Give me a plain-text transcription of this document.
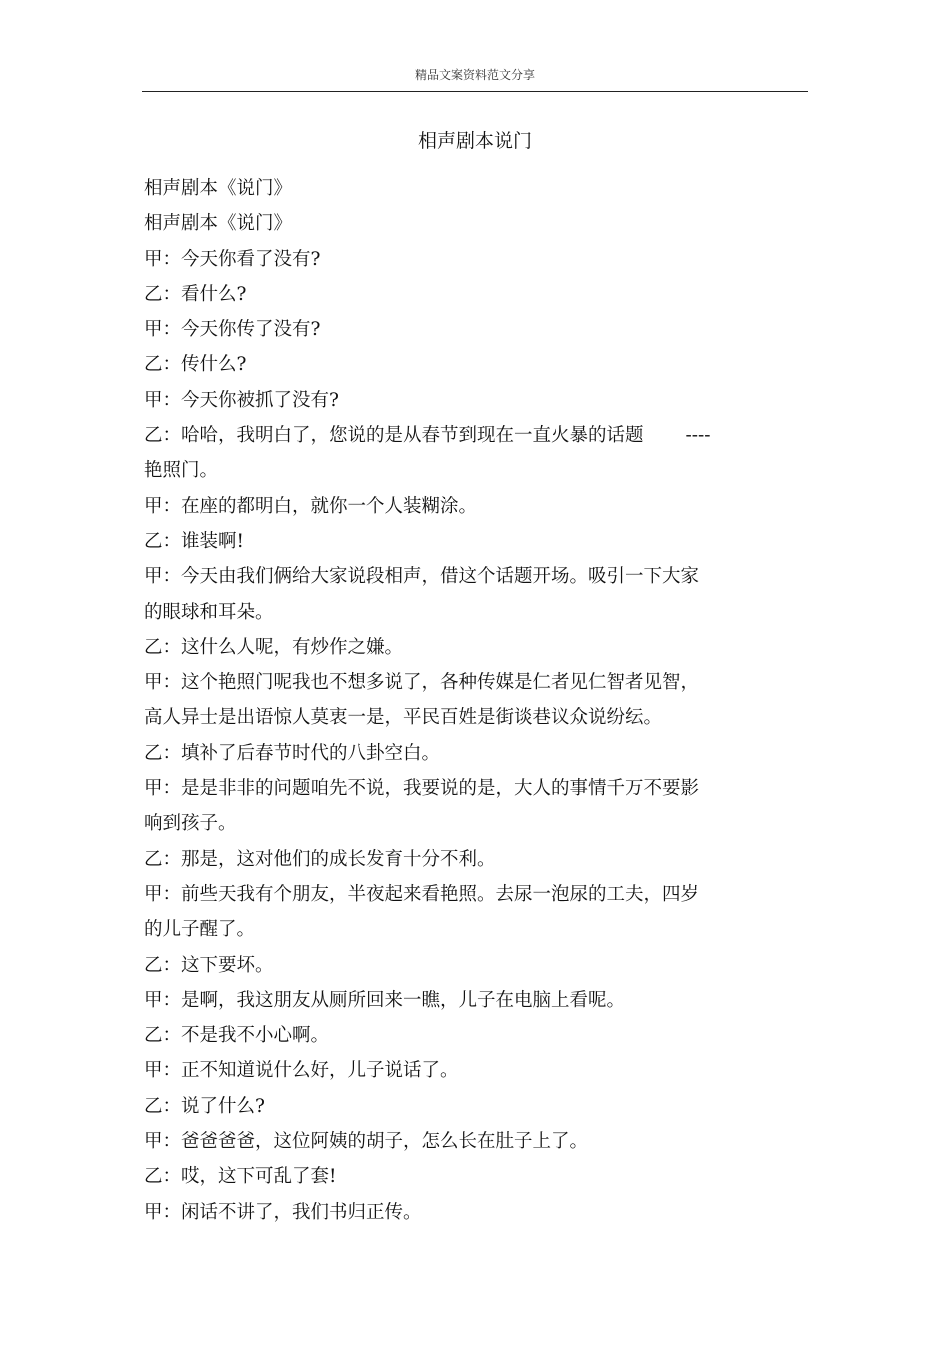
精品文案资料范文分享
相声剧本说门
相声剧本《说门》
相声剧本《说门》
甲：今天你看了没有?
乙：看什么?
甲：今天你传了没有?
乙：传什么?
甲：今天你被抓了没有?
乙：哈哈，我明白了，您说的是从春节到现在一直火暴的话题 ----
艳照门。
甲：在座的都明白，就你一个人装糊涂。
乙：谁装啊!
甲：今天由我们俩给大家说段相声，借这个话题开场。吸引一下大家
的眼球和耳朵。
乙：这什么人呢，有炒作之嫌。
甲：这个艳照门呢我也不想多说了，各种传媒是仁者见仁智者见智，
高人异士是出语惊人莫衷一是，平民百姓是街谈巷议众说纷纭。
乙：填补了后春节时代的八卦空白。
甲：是是非非的问题咱先不说，我要说的是，大人的事情千万不要影
响到孩子。
乙：那是，这对他们的成长发育十分不利。
甲：前些天我有个朋友，半夜起来看艳照。去尿一泡尿的工夫，四岁
的儿子醒了。
乙：这下要坏。
甲：是啊，我这朋友从厕所回来一瞧，儿子在电脑上看呢。
乙：不是我不小心啊。
甲：正不知道说什么好，儿子说话了。
乙：说了什么?
甲：爸爸爸爸，这位阿姨的胡子，怎么长在肚子上了。
乙：哎，这下可乱了套!
甲：闲话不讲了，我们书归正传。
